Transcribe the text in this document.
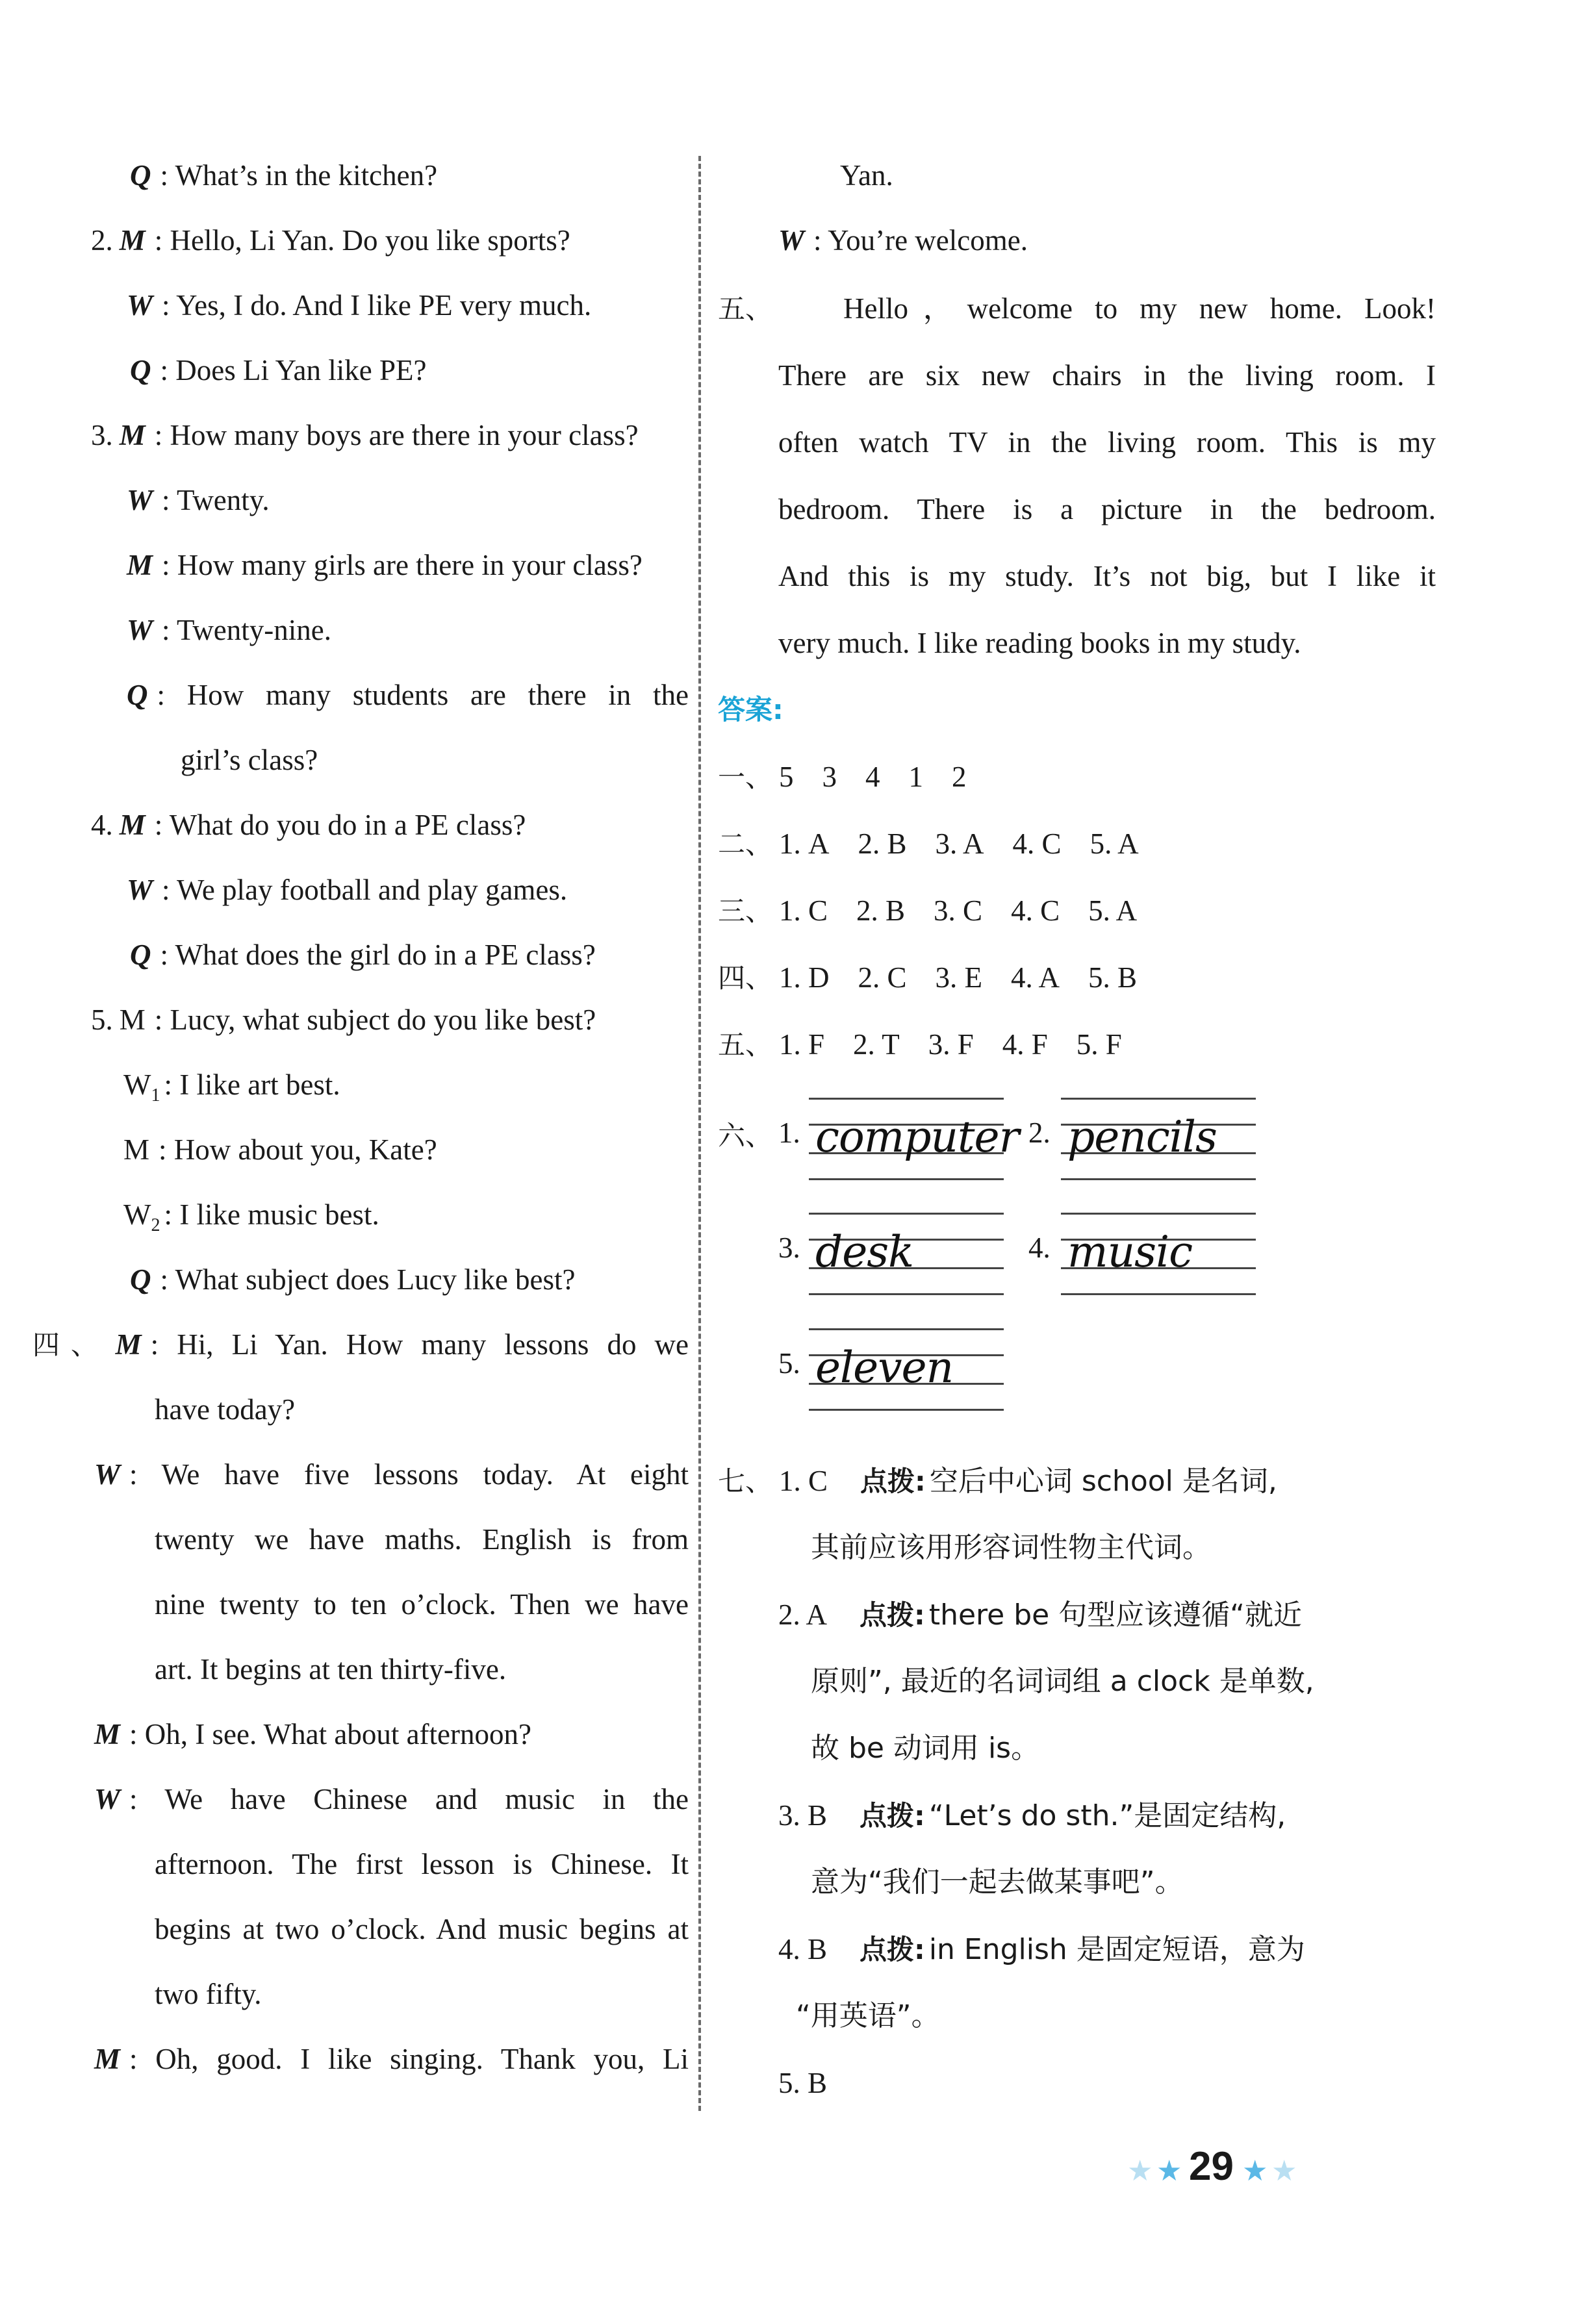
Q : What’s in the kitchen?
2. M : Hello, Li Yan. Do you like sports?
W : Yes, I do. And I like PE very much.
Q : Does Li Yan like PE?
3. M : How many boys are there in your class?
W : Twenty.
M : How many girls are there in your class?
W : Twenty-nine.
Q : How many students are there in the
girl’s class?
4. M : What do you do in a PE class?
W : We play football and play games.
Q : What does the girl do in a PE class?
5. M : Lucy, what subject do you like best?
$W_1$ : I like art best.
M : How about you, Kate?
$W_2$ : I like music best.
Q : What subject does Lucy like best?
四、 M : Hi, Li Yan. How many lessons do we
have today?
W : We have five lessons today. At eight
twenty we have maths. English is from
nine twenty to ten o’clock. Then we have
art. It begins at ten thirty-five.
M : Oh, I see. What about afternoon?
W : We have Chinese and music in the
afternoon. The first lesson is Chinese. It
begins at two o’clock. And music begins at
two fifty.
M : Oh, good. I like singing. Thank you, Li
Yan.
W : You’re welcome.
五、 Hello，welcome to my new home. Look!
There are six new chairs in the living room. I
often watch TV in the living room. This is my
bedroom. There is a picture in the bedroom.
And this is my study. It’s not big, but I like it
very much. I like reading books in my study.
答案:
一、 5 3 4 1 2
二、 1. A 2. B 3. A 4. C 5. A
三、 1. C 2. B 3. C 4. C 5. A
四、 1. D 2. C 3. E 4. A 5. B
五、 1. F 2. T 3. F 4. F 5. F
六、 1. computer 2. pencils
3. desk	4. music
5. eleven
七、 1. C 点拨: 空后中心词 school 是名词,
其前应该用形容词性物主代词。
2. A 点拨: there be 句型应该遵循“就近
原则”, 最近的名词词组 a clock 是单数,
故 be 动词用 is。
3. B 点拨: “Let’s do sth.”是固定结构,
意为“我们一起去做某事吧”。
4. B 点拨: in English 是固定短语，意为
“用英语”。
5. B
★ ★ 29 ★ ★
